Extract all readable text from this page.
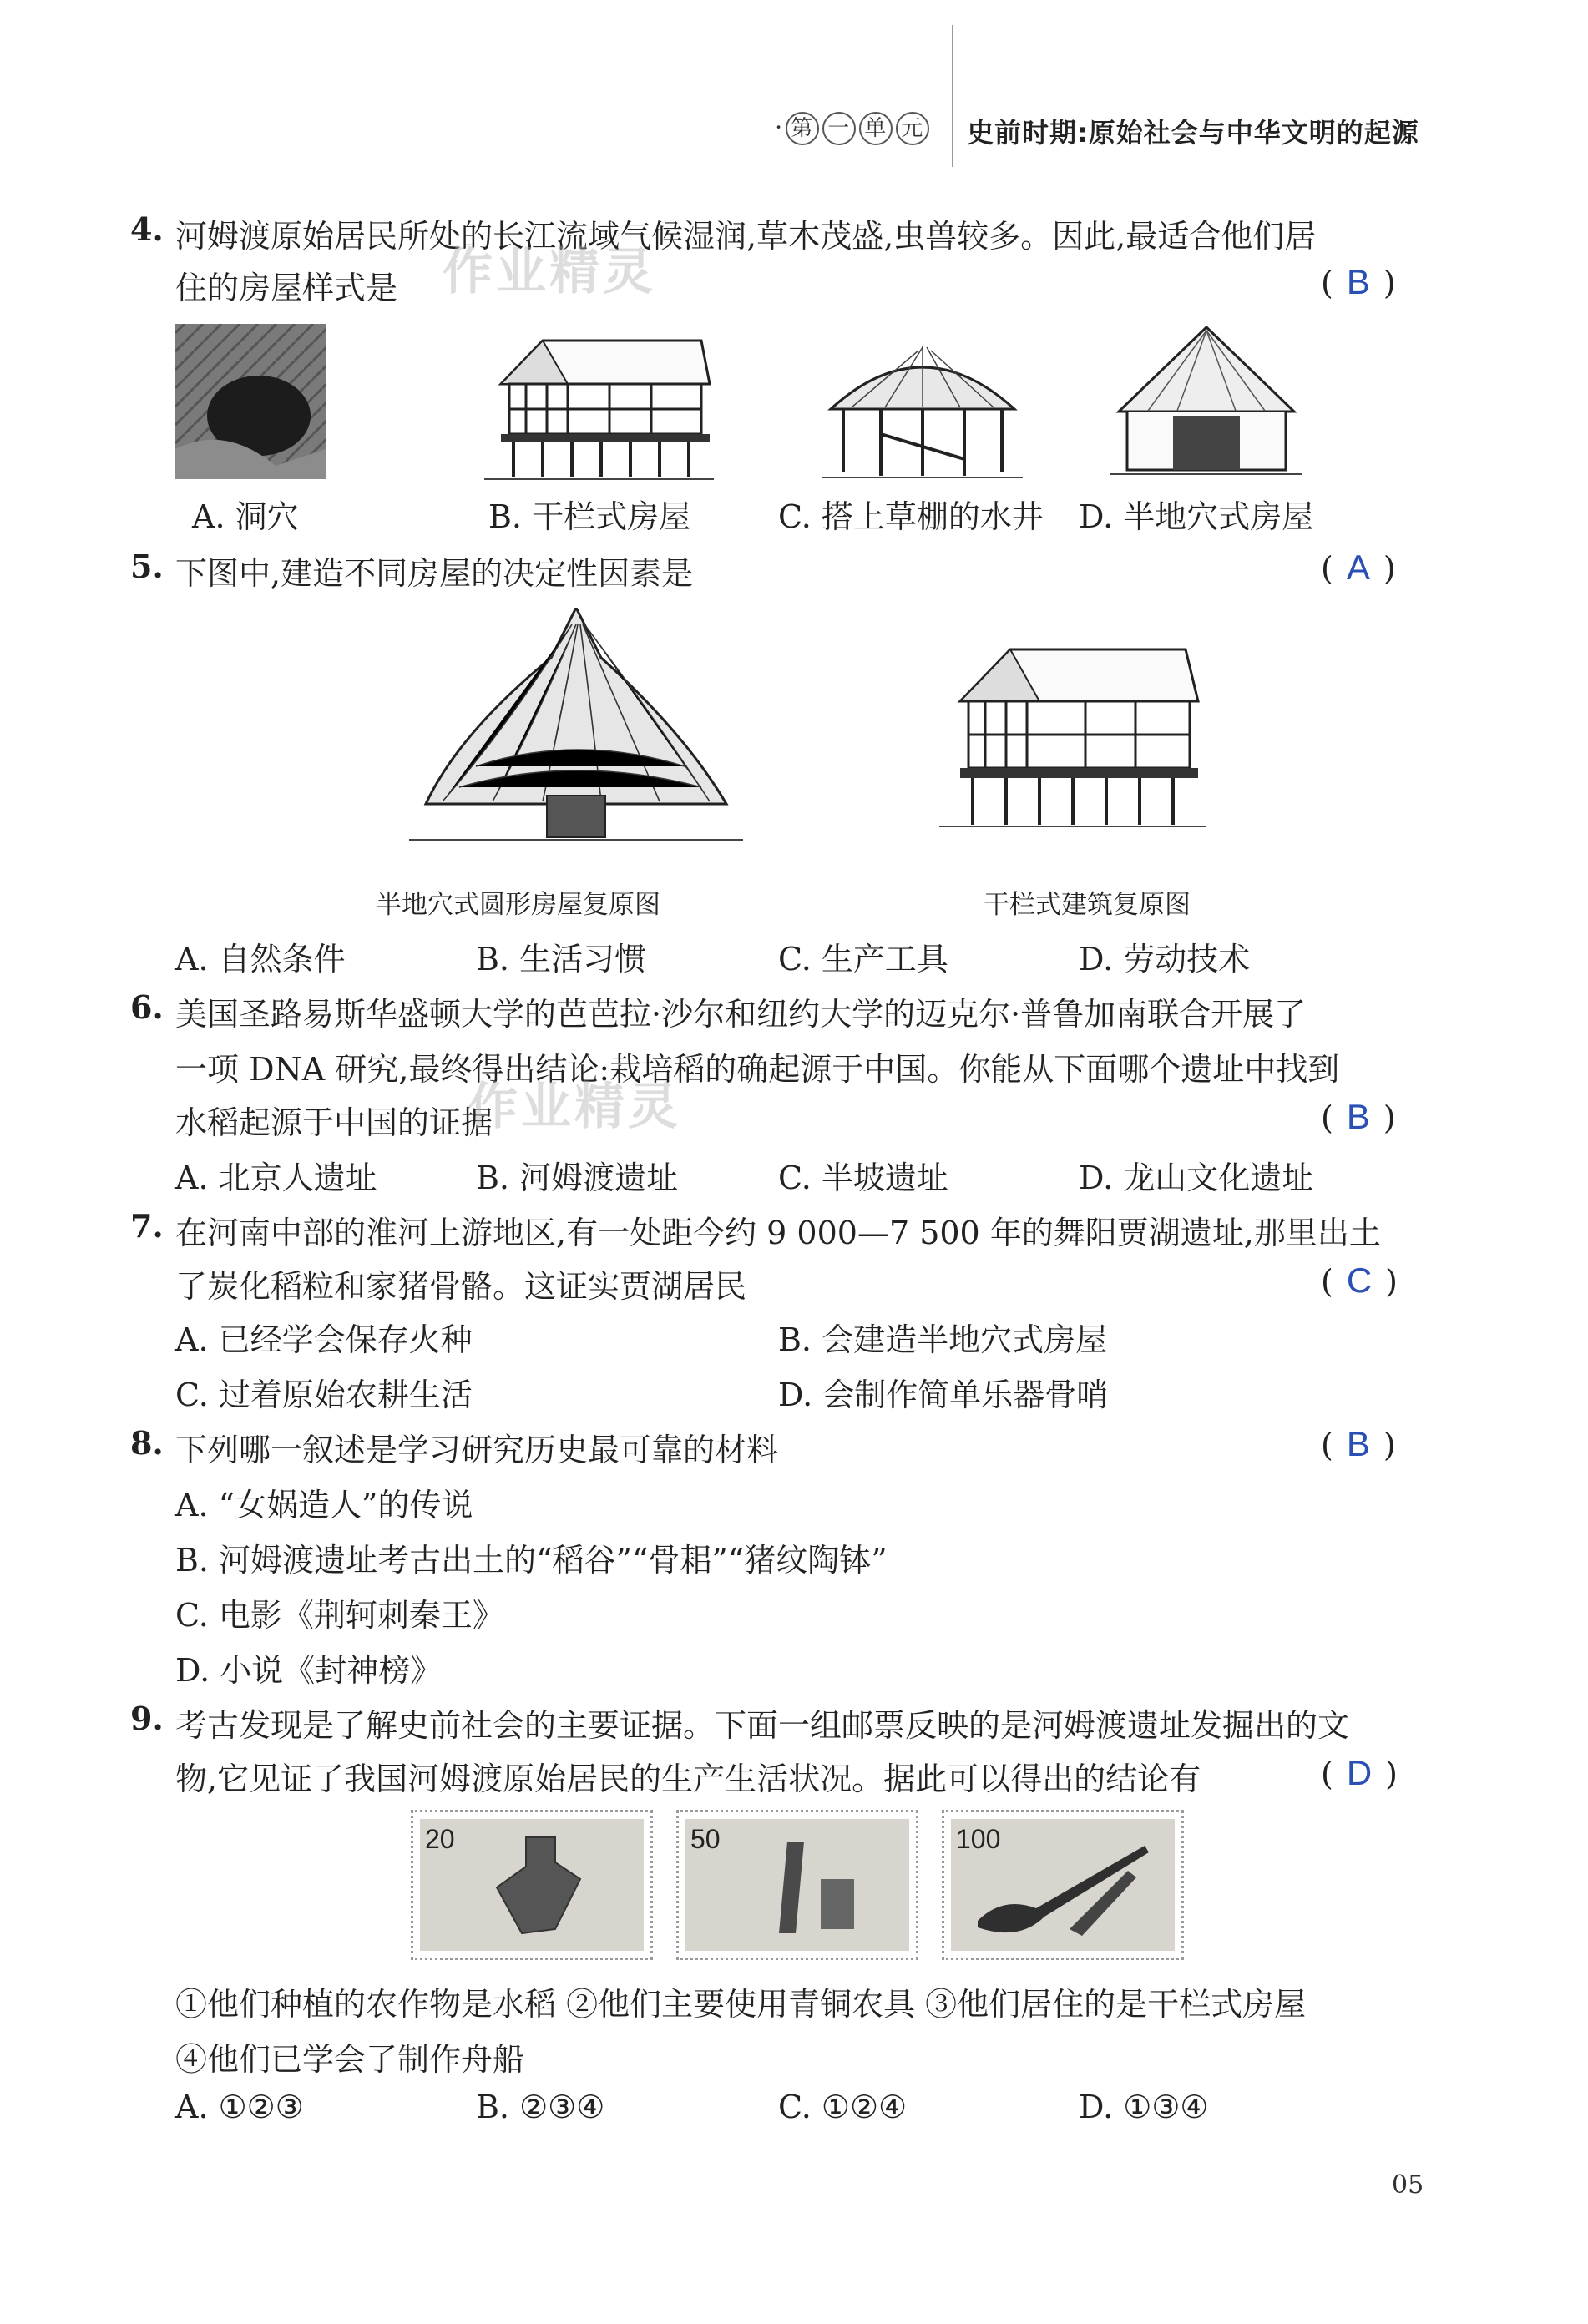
· 第 一 单 元 史前时期:原始社会与中华文明的起源
4. 河姆渡原始居民所处的长江流域气候湿润,草木茂盛,虫兽较多。因此,最适合他们居
住的房屋样式是	( B )
作业精灵
A. 洞穴	B. 干栏式房屋	C. 搭上草棚的水井 D. 半地穴式房屋
5. 下图中,建造不同房屋的决定性因素是	( A )
半地穴式圆形房屋复原图	干栏式建筑复原图
A. 自然条件	B. 生活习惯	C. 生产工具	D. 劳动技术
6. 美国圣路易斯华盛顿大学的芭芭拉·沙尔和纽约大学的迈克尔·普鲁加南联合开展了
一项 DNA 研究,最终得出结论:栽培稻的确起源于中国。你能从下面哪个遗址中找到
水稻起源于中国的证据	( B )
作业精灵
A. 北京人遗址	B. 河姆渡遗址	C. 半坡遗址	D. 龙山文化遗址
7. 在河南中部的淮河上游地区,有一处距今约 9 000—7 500 年的舞阳贾湖遗址,那里出土
了炭化稻粒和家猪骨骼。这证实贾湖居民	( C )
A. 已经学会保存火种	B. 会建造半地穴式房屋
C. 过着原始农耕生活	D. 会制作简单乐器骨哨
8. 下列哪一叙述是学习研究历史最可靠的材料	( B )
A. “女娲造人”的传说
B. 河姆渡遗址考古出土的“稻谷”“骨耜”“猪纹陶钵”
C. 电影《荆轲刺秦王》
D. 小说《封神榜》
9. 考古发现是了解史前社会的主要证据。下面一组邮票反映的是河姆渡遗址发掘出的文
物,它见证了我国河姆渡原始居民的生产生活状况。据此可以得出的结论有	( D )
20	50	100
①他们种植的农作物是水稻 ②他们主要使用青铜农具 ③他们居住的是干栏式房屋
④他们已学会了制作舟船
A. ①②③	B. ②③④	C. ①②④	D. ①③④
05
